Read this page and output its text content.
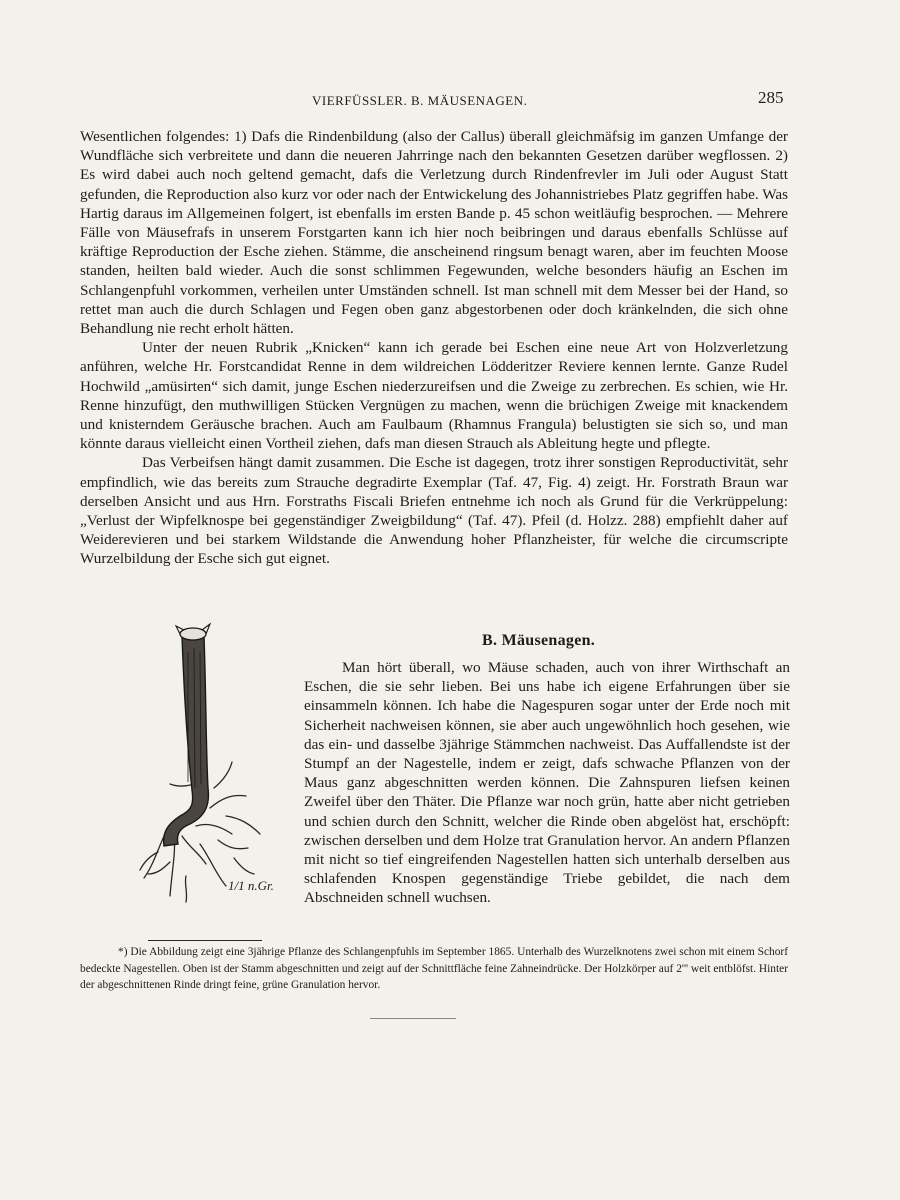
VIERFÜSSLER. B. MÄUSENAGEN.	285

Wesentlichen folgendes: 1) Dafs die Rindenbildung (also der Callus) überall gleichmäfsig im ganzen Umfange der Wundfläche sich verbreitete und dann die neueren Jahrringe nach den bekannten Gesetzen darüber wegflossen. 2) Es wird dabei auch noch geltend gemacht, dafs die Verletzung durch Rindenfrevler im Juli oder August Statt gefunden, die Reproduction also kurz vor oder nach der Entwickelung des Johannistriebes Platz gegriffen habe. Was Hartig daraus im Allgemeinen folgert, ist ebenfalls im ersten Bande p. 45 schon weitläufig besprochen. — Mehrere Fälle von Mäusefrafs in unserem Forstgarten kann ich hier noch beibringen und daraus ebenfalls Schlüsse auf kräftige Reproduction der Esche ziehen. Stämme, die anscheinend ringsum benagt waren, aber im feuchten Moose standen, heilten bald wieder. Auch die sonst schlimmen Fegewunden, welche besonders häufig an Eschen im Schlangenpfuhl vorkommen, verheilen unter Umständen schnell. Ist man schnell mit dem Messer bei der Hand, so rettet man auch die durch Schlagen und Fegen oben ganz abgestorbenen oder doch kränkelnden, die sich ohne Behandlung nie recht erholt hätten.

Unter der neuen Rubrik „Knicken“ kann ich gerade bei Eschen eine neue Art von Holzverletzung anführen, welche Hr. Forstcandidat Renne in dem wildreichen Lödderitzer Reviere kennen lernte. Ganze Rudel Hochwild „amüsirten“ sich damit, junge Eschen niederzureifsen und die Zweige zu zerbrechen. Es schien, wie Hr. Renne hinzufügt, den muthwilligen Stücken Vergnügen zu machen, wenn die brüchigen Zweige mit knackendem und knisterndem Geräusche brachen. Auch am Faulbaum (Rhamnus Frangula) belustigten sie sich so, und man könnte daraus vielleicht einen Vortheil ziehen, dafs man diesen Strauch als Ableitung hegte und pflegte.

Das Verbeifsen hängt damit zusammen. Die Esche ist dagegen, trotz ihrer sonstigen Reproductivität, sehr empfindlich, wie das bereits zum Strauche degradirte Exemplar (Taf. 47, Fig. 4) zeigt. Hr. Forstrath Braun war derselben Ansicht und aus Hrn. Forstraths Fiscali Briefen entnehme ich noch als Grund für die Verkrüppelung: „Verlust der Wipfelknospe bei gegenständiger Zweigbildung“ (Taf. 47). Pfeil (d. Holzz. 288) empfiehlt daher auf Weiderevieren und bei starkem Wildstande die Anwendung hoher Pflanzheister, für welche die circumscripte Wurzelbildung der Esche sich gut eignet.

1/1 n.Gr.
B. Mäusenagen.

Man hört überall, wo Mäuse schaden, auch von ihrer Wirthschaft an Eschen, die sie sehr lieben. Bei uns habe ich eigene Erfahrungen über sie einsammeln können. Ich habe die Nagespuren sogar unter der Erde noch mit Sicherheit nachweisen können, sie aber auch ungewöhnlich hoch gesehen, wie das ein- und dasselbe 3jährige Stämmchen nachweist. Das Auffallendste ist der Stumpf an der Nagestelle, indem er zeigt, dafs schwache Pflanzen von der Maus ganz abgeschnitten werden können. Die Zahnspuren liefsen keinen Zweifel über den Thäter. Die Pflanze war noch grün, hatte aber nicht getrieben und schien durch den Schnitt, welcher die Rinde oben abgelöst hat, erschöpft: zwischen derselben und dem Holze trat Granulation hervor. An andern Pflanzen mit nicht so tief eingreifenden Nagestellen hatten sich unterhalb derselben aus schlafenden Knospen gegenständige Triebe gebildet, die nach dem Abschneiden schnell wuchsen.

*) Die Abbildung zeigt eine 3jährige Pflanze des Schlangenpfuhls im September 1865. Unterhalb des Wurzelknotens zwei schon mit einem Schorf bedeckte Nagestellen. Oben ist der Stamm abgeschnitten und zeigt auf der Schnittfläche feine Zahneindrücke. Der Holzkörper auf 2''' weit entblöfst. Hinter der abgeschnittenen Rinde dringt feine, grüne Granulation hervor.
